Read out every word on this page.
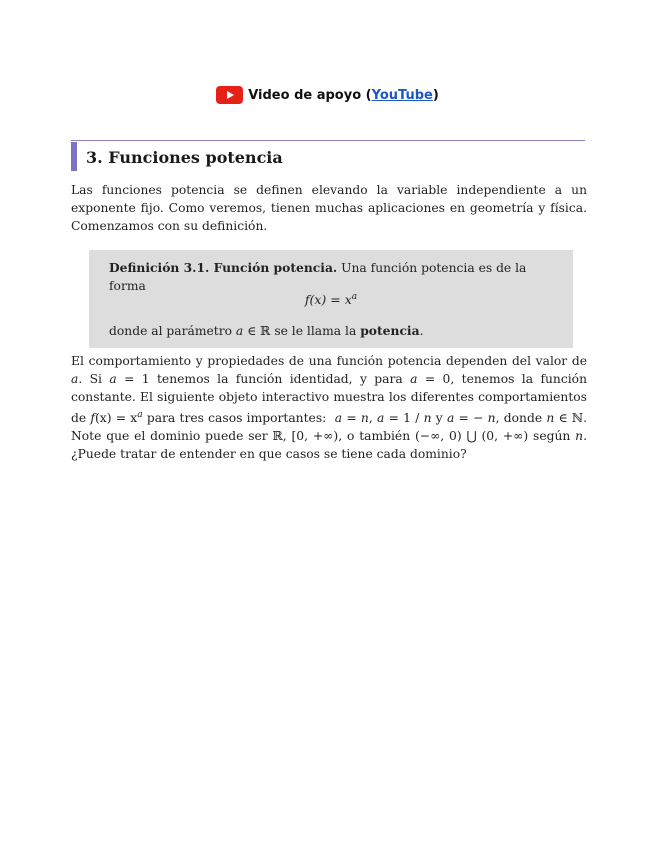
Video de apoyo ( YouTube )
3. Funciones potencia

Las funciones potencia se definen elevando la variable independiente a un exponente fijo. Como veremos, tienen muchas aplicaciones en geometría y física. Comenzamos con su definición.

Definición 3.1. Función potencia. Una función potencia es de la forma
$f(x) = x^a$
donde al parámetro a ∈ ℝ se le llama la potencia.

El comportamiento y propiedades de una función potencia dependen del valor de a. Si a = 1 tenemos la función identidad, y para a = 0, tenemos la función constante. El siguiente objeto interactivo muestra los diferentes comportamientos de $f(x) = x^a$ para tres casos importantes:  a = n, a = 1 / n y a = − n, donde n ∈ ℕ. Note que el dominio puede ser ℝ, [0, +∞), o también (−∞, 0) ⋃ (0, +∞) según n. ¿Puede tratar de entender en que casos se tiene cada dominio?
